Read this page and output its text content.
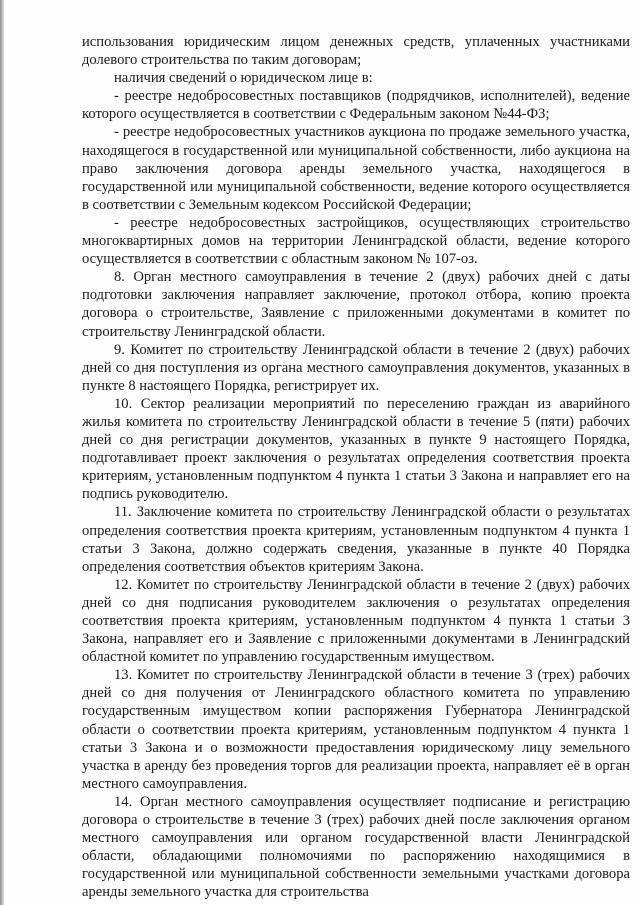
использования юридическим лицом денежных средств, уплаченных участниками долевого строительства по таким договорам;

наличия сведений о юридическом лице в:

- реестре недобросовестных поставщиков (подрядчиков, исполнителей), ведение которого осуществляется в соответствии с Федеральным законом №44-ФЗ;

- реестре недобросовестных участников аукциона по продаже земельного участка, находящегося в государственной или муниципальной собственности, либо аукциона на право заключения договора аренды земельного участка, находящегося в государственной или муниципальной собственности, ведение которого осуществляется в соответствии с Земельным кодексом Российской Федерации;

- реестре недобросовестных застройщиков, осуществляющих строительство многоквартирных домов на территории Ленинградской области, ведение которого осуществляется в соответствии с областным законом № 107-оз.

8. Орган местного самоуправления в течение 2 (двух) рабочих дней с даты подготовки заключения направляет заключение, протокол отбора, копию проекта договора о строительстве, Заявление с приложенными документами в комитет по строительству Ленинградской области.

9. Комитет по строительству Ленинградской области в течение 2 (двух) рабочих дней со дня поступления из органа местного самоуправления документов, указанных в пункте 8 настоящего Порядка, регистрирует их.

10. Сектор реализации мероприятий по переселению граждан из аварийного жилья комитета по строительству Ленинградской области в течение 5 (пяти) рабочих дней со дня регистрации документов, указанных в пункте 9 настоящего Порядка, подготавливает проект заключения о результатах определения соответствия проекта критериям, установленным подпунктом 4 пункта 1 статьи 3 Закона и направляет его на подпись руководителю.

11. Заключение комитета по строительству Ленинградской области о результатах определения соответствия проекта критериям, установленным подпунктом 4 пункта 1 статьи 3 Закона, должно содержать сведения, указанные в пункте 40 Порядка определения соответствия объектов критериям Закона.

12. Комитет по строительству Ленинградской области в течение 2 (двух) рабочих дней со дня подписания руководителем заключения о результатах определения соответствия проекта критериям, установленным подпунктом 4 пункта 1 статьи 3 Закона, направляет его и Заявление с приложенными документами в Ленинградский областной комитет по управлению государственным имуществом.

13. Комитет по строительству Ленинградской области в течение 3 (трех) рабочих дней со дня получения от Ленинградского областного комитета по управлению государственным имуществом копии распоряжения Губернатора Ленинградской области о соответствии проекта критериям, установленным подпунктом 4 пункта 1 статьи 3 Закона и о возможности предоставления юридическому лицу земельного участка в аренду без проведения торгов для реализации проекта, направляет её в орган местного самоуправления.

14. Орган местного самоуправления осуществляет подписание и регистрацию договора о строительстве в течение 3 (трех) рабочих дней после заключения органом местного самоуправления или органом государственной власти Ленинградской области, обладающими полномочиями по распоряжению находящимися в государственной или муниципальной собственности земельными участками договора аренды земельного участка для строительства
